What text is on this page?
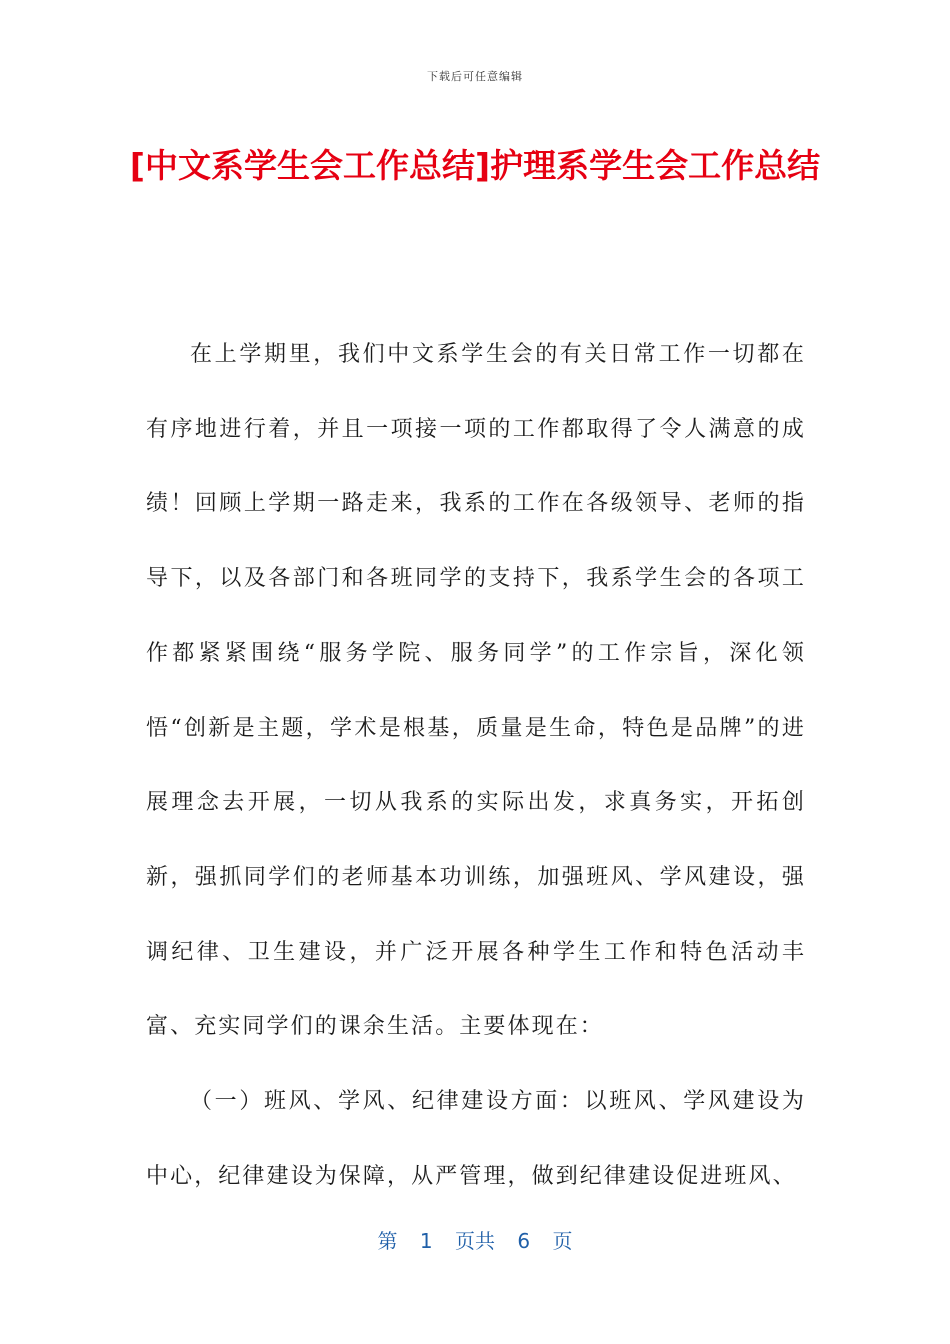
下载后可任意编辑
[中文系学生会工作总结]护理系学生会工作总结

在上学期里，我们中文系学生会的有关日常工作一切都在有序地进行着，并且一项接一项的工作都取得了令人满意的成绩！回顾上学期一路走来，我系的工作在各级领导、老师的指导下，以及各部门和各班同学的支持下，我系学生会的各项工作都紧紧围绕“服务学院、服务同学”的工作宗旨，深化领悟“创新是主题，学术是根基，质量是生命，特色是品牌”的进展理念去开展，一切从我系的实际出发，求真务实，开拓创新，强抓同学们的老师基本功训练，加强班风、学风建设，强调纪律、卫生建设，并广泛开展各种学生工作和特色活动丰富、充实同学们的课余生活。主要体现在：

（一）班风、学风、纪律建设方面：以班风、学风建设为中心，纪律建设为保障，从严管理，做到纪律建设促进班风、

第 1 页共 6 页
